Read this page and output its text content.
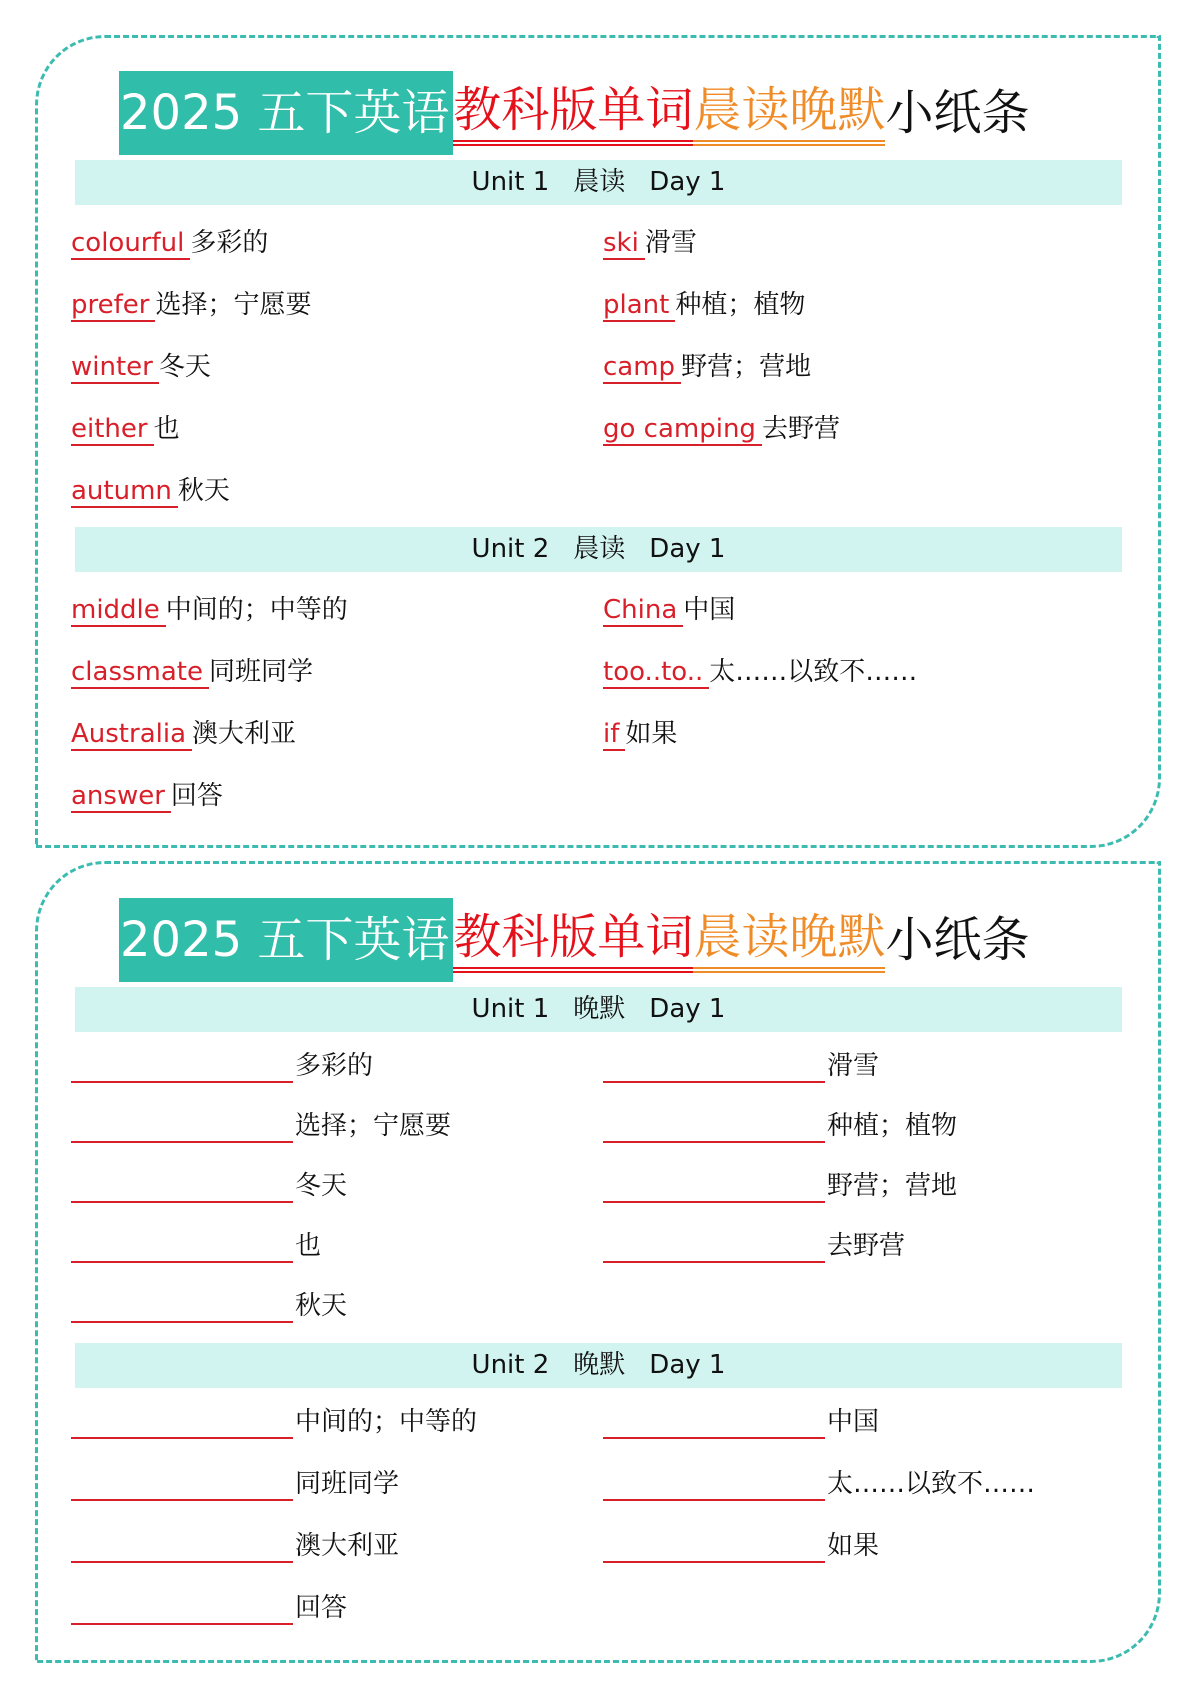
2025 五下英语 教科版单词 晨读晚默 小纸条
Unit 1 晨读 Day 1
colourful 多彩的	ski 滑雪
prefer 选择；宁愿要	plant 种植；植物
winter 冬天	camp 野营；营地
either 也	go camping 去野营
autumn 秋天
Unit 2 晨读 Day 1
middle 中间的；中等的	China 中国
classmate 同班同学	too..to.. 太……以致不……
Australia 澳大利亚	if 如果
answer 回答
2025 五下英语 教科版单词 晨读晚默 小纸条
Unit 1 晚默 Day 1
多彩的	滑雪
选择；宁愿要	种植；植物
冬天	野营；营地
也	去野营
秋天
Unit 2 晚默 Day 1
中间的；中等的	中国
同班同学	太……以致不……
澳大利亚	如果
回答
